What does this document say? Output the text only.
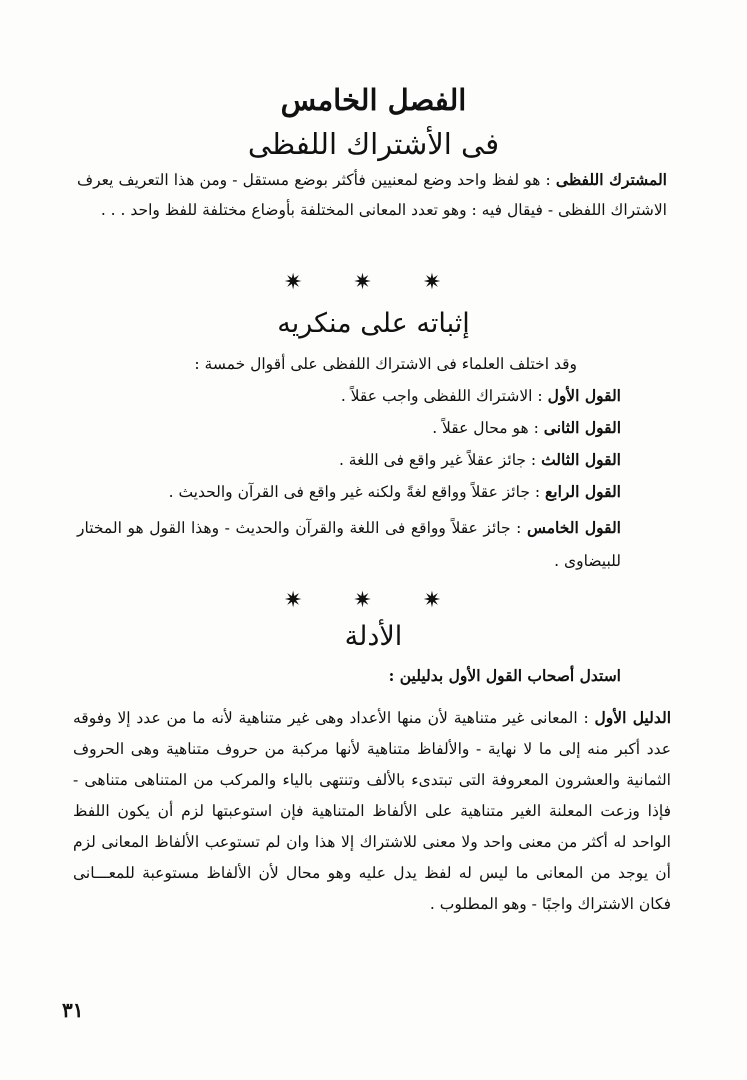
الفصل الخامس
فى الأشتراك اللفظى

المشترك اللفظى : هو لفظ واحد وضع لمعنيين فأكثر بوضع مستقل - ومن هذا التعريف يعرف الاشتراك اللفظى - فيقال فيه : وهو تعدد المعانى المختلفة بأوضاع مختلفة للفظ واحد . . .

✷ ✷ ✷
إثباته على منكريه
وقد اختلف العلماء فى الاشتراك اللفظى على أقوال خمسة :
القول الأول : الاشتراك اللفظى واجب عقلاً .
القول الثانى : هو محال عقلاً .
القول الثالث : جائز عقلاً غير واقع فى اللغة .
القول الرابع : جائز عقلاً وواقع لغةً ولكنه غير واقع فى القرآن والحديث .

القول الخامس : جائز عقلاً وواقع فى اللغة والقرآن والحديث - وهذا القول هو المختار للبيضاوى .

✷ ✷ ✷
الأدلة

استدل أصحاب القول الأول بدليلين :

الدليل الأول : المعانى غير متناهية لأن منها الأعداد وهى غير متناهية لأنه ما من عدد إلا وفوقه عدد أكبر منه إلى ما لا نهاية - والألفاظ متناهية لأنها مركبة من حروف متناهية وهى الحروف الثمانية والعشرون المعروفة التى تبتدىء بالألف وتنتهى بالياء والمركب من المتناهى متناهى - فإذا وزعت المعلنة الغير متناهية على الألفاظ المتناهية فإن استوعبتها لزم أن يكون اللفظ الواحد له أكثر من معنى واحد ولا معنى للاشتراك إلا هذا وان لم تستوعب الألفاظ المعانى لزم أن يوجد من المعانى ما ليس له لفظ يدل عليه وهو محال لأن الألفاظ مستوعبة للمعـــانى فكان الاشتراك واجبًا - وهو المطلوب .

٣١
